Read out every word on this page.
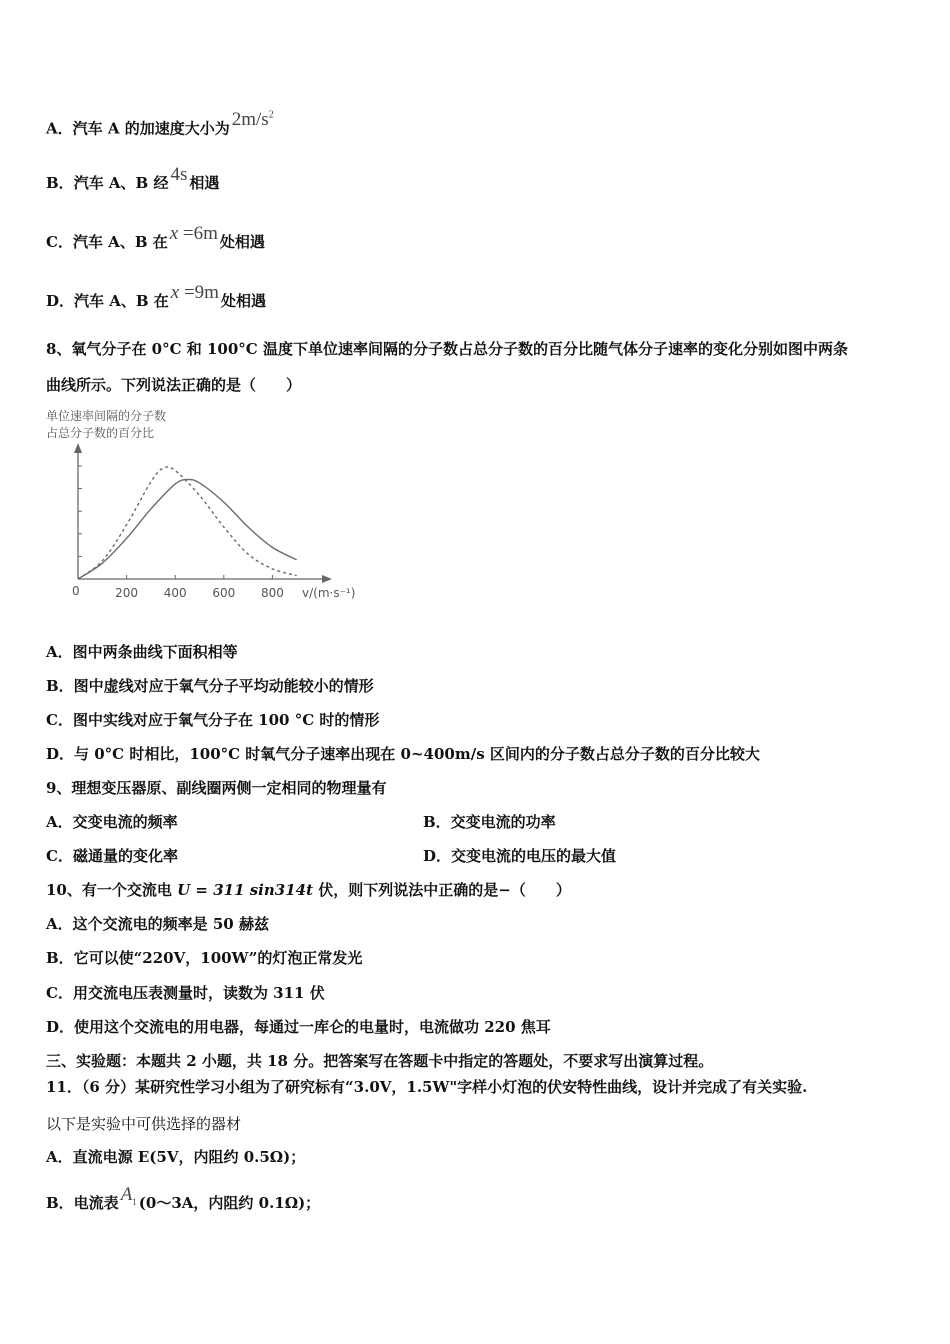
A．汽车 A 的加速度大小为 $2m/s^2$
B．汽车 A、B 经 4s 相遇
C．汽车 A、B 在 x =6m 处相遇
D．汽车 A、B 在 x =9m 处相遇
8、氧气分子在 0°C 和 100°C 温度下单位速率间隔的分子数占总分子数的百分比随气体分子速率的变化分别如图中两条
曲线所示。下列说法正确的是（　　）
单位速率间隔的分子数
占总分子数的百分比
200 400 600 800
0	v/(m·s⁻¹)
A．图中两条曲线下面积相等
B．图中虚线对应于氧气分子平均动能较小的情形
C．图中实线对应于氧气分子在 100 °C 时的情形
D．与 0°C 时相比，100°C 时氧气分子速率出现在 0~400m/s 区间内的分子数占总分子数的百分比较大
9、理想变压器原、副线圈两侧一定相同的物理量有
A．交变电流的频率	B．交变电流的功率
C．磁通量的变化率	D．交变电流的电压的最大值
10、有一个交流电 U = 311 sin314t 伏，则下列说法中正确的是−（　　）
A．这个交流电的频率是 50 赫兹
B．它可以使“220V，100W”的灯泡正常发光
C．用交流电压表测量时，读数为 311 伏
D．使用这个交流电的用电器，每通过一库仑的电量时，电流做功 220 焦耳
三、实验题：本题共 2 小题，共 18 分。把答案写在答题卡中指定的答题处，不要求写出演算过程。
11．（6 分）某研究性学习小组为了研究标有“3.0V，1.5W"字样小灯泡的伏安特性曲线，设计并完成了有关实验.
以下是实验中可供选择的器材
A．直流电源 E(5V，内阻约 0.5Ω)；
B．电流表 $A_1$ (0～3A，内阻约 0.1Ω)；
